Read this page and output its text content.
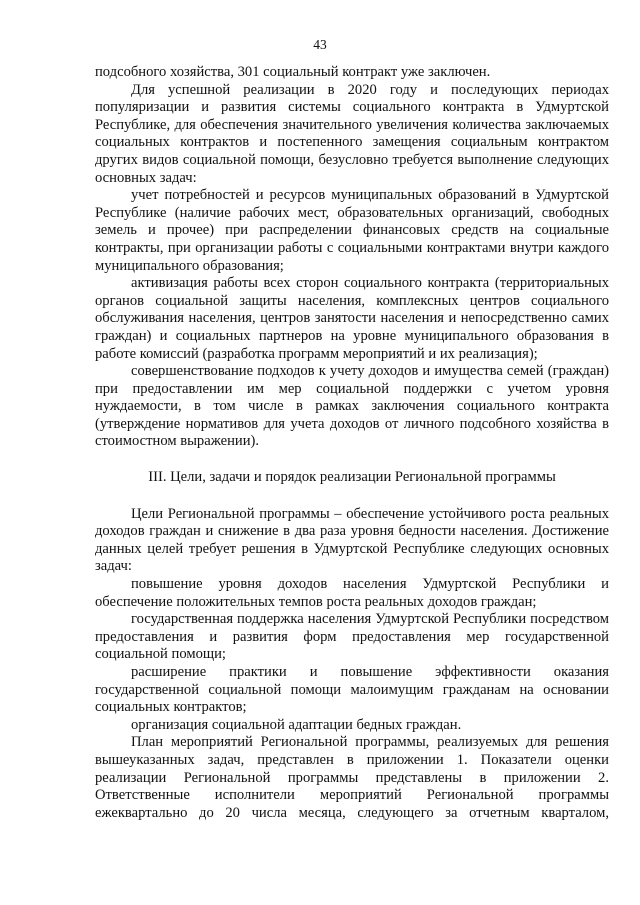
43

подсобного хозяйства, 301 социальный контракт уже заключен.

Для успешной реализации в 2020 году и последующих периодах популяризации и развития системы социального контракта в Удмуртской Республике, для обеспечения значительного увеличения количества заключаемых социальных контрактов и постепенного замещения социальным контрактом других видов социальной помощи, безусловно требуется выполнение следующих основных задач:

учет потребностей и ресурсов муниципальных образований в Удмуртской Республике (наличие рабочих мест, образовательных организаций, свободных земель и прочее) при распределении финансовых средств на социальные контракты, при организации работы с социальными контрактами внутри каждого муниципального образования;

активизация работы всех сторон социального контракта (территориальных органов социальной защиты населения, комплексных центров социального обслуживания населения, центров занятости населения и непосредственно самих граждан) и социальных партнеров на уровне муниципального образования в работе комиссий (разработка программ мероприятий и их реализация);

совершенствование подходов к учету доходов и имущества семей (граждан) при предоставлении им мер социальной поддержки с учетом уровня нуждаемости, в том числе в рамках заключения социального контракта (утверждение нормативов для учета доходов от личного подсобного хозяйства в стоимостном выражении).

III. Цели, задачи и порядок реализации Региональной программы

Цели Региональной программы – обеспечение устойчивого роста реальных доходов граждан и снижение в два раза уровня бедности населения. Достижение данных целей требует решения в Удмуртской Республике следующих основных задач:

повышение уровня доходов населения Удмуртской Республики и обеспечение положительных темпов роста реальных доходов граждан;

государственная поддержка населения Удмуртской Республики посредством предоставления и развития форм предоставления мер государственной социальной помощи;

расширение практики и повышение эффективности оказания государственной социальной помощи малоимущим гражданам на основании социальных контрактов;

организация социальной адаптации бедных граждан.

План мероприятий Региональной программы, реализуемых для решения вышеуказанных задач, представлен в приложении 1. Показатели оценки реализации Региональной программы представлены в приложении 2. Ответственные исполнители мероприятий Региональной программы ежеквартально до 20 числа месяца, следующего за отчетным кварталом,
